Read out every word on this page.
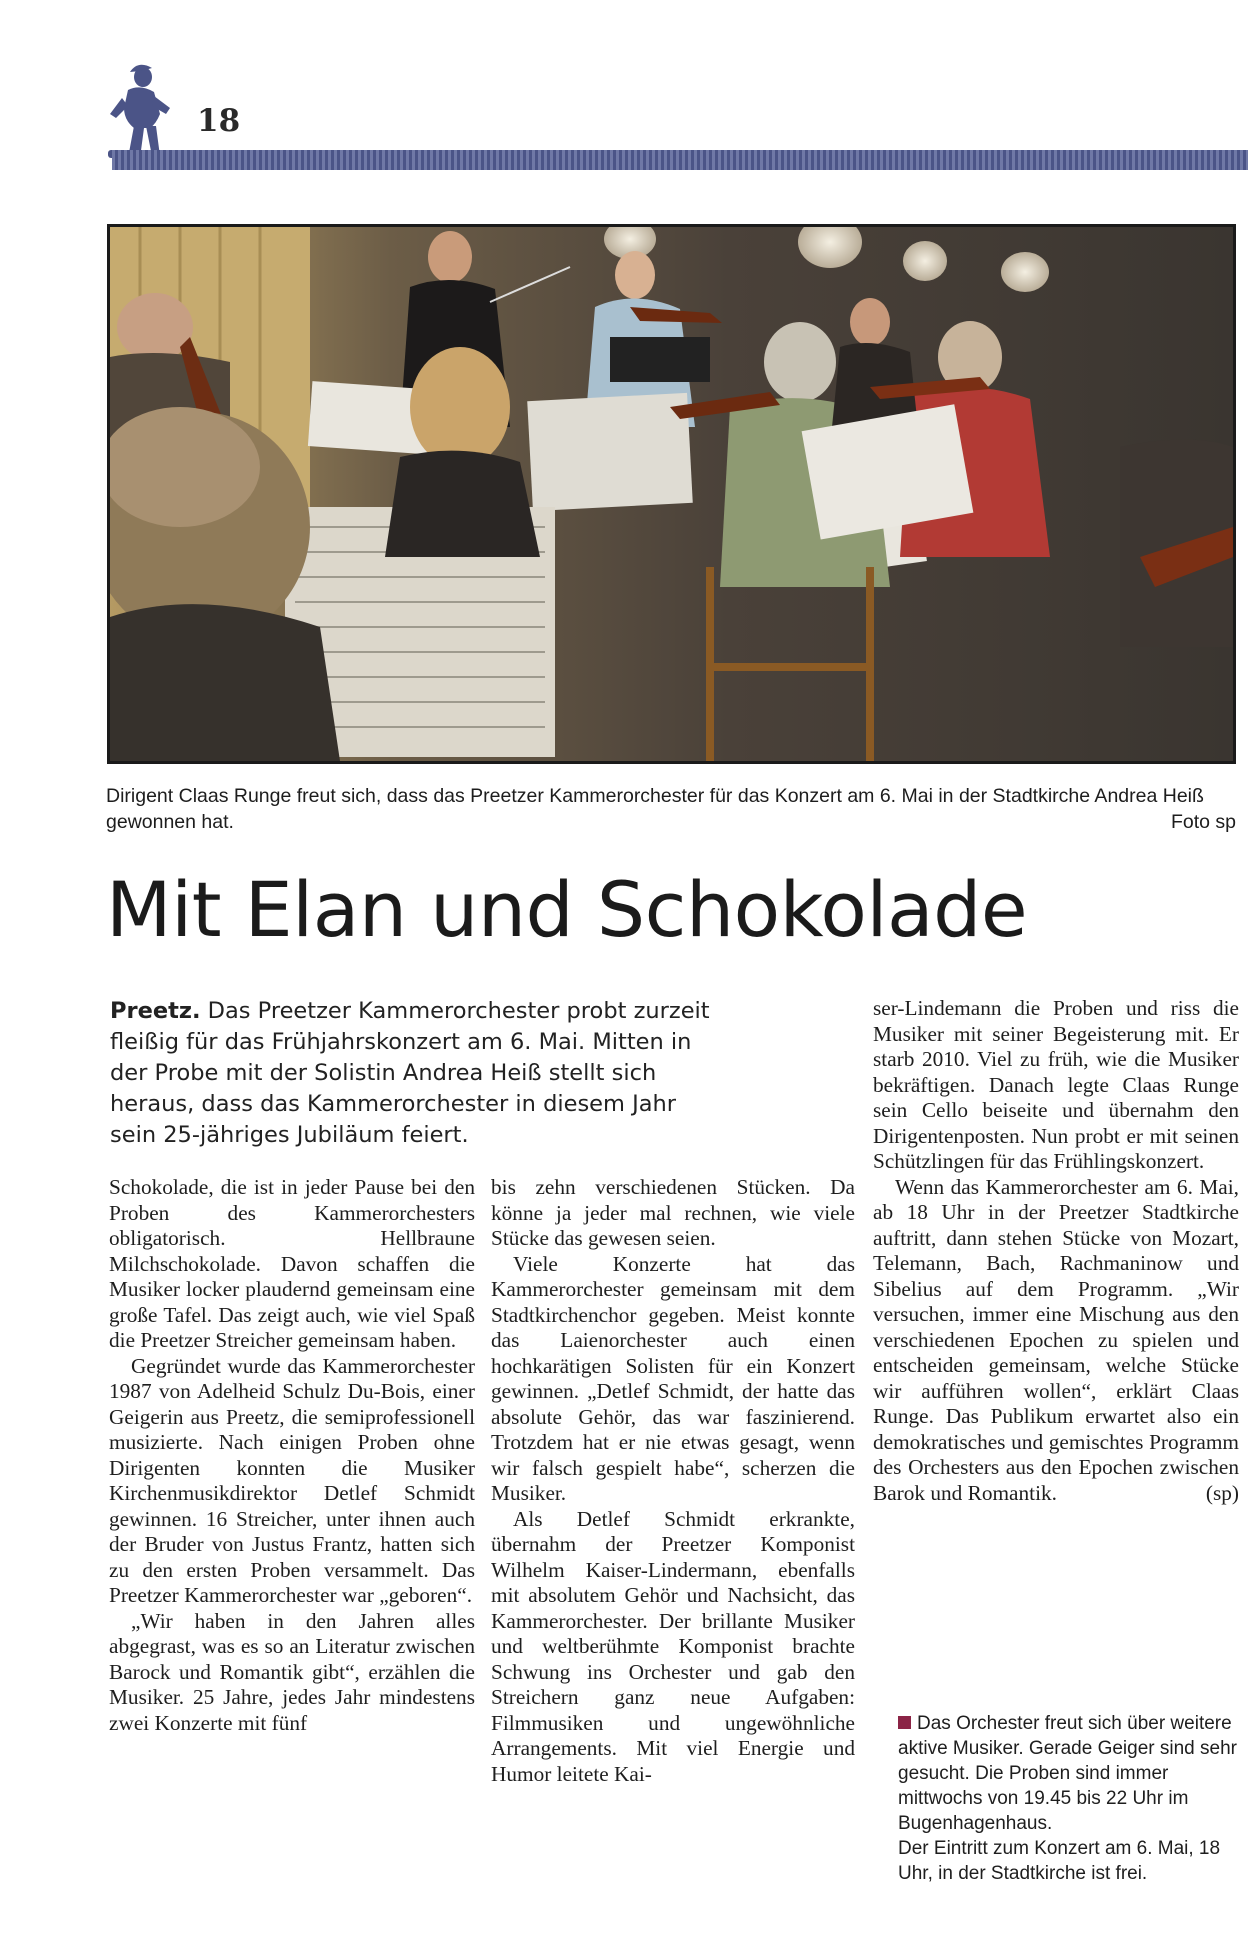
18
Dirigent Claas Runge freut sich, dass das Preetzer Kammerorchester für das Konzert am 6. Mai in der Stadtkirche Andrea Heiß gewonnen hat.	Foto sp
Mit Elan und Schokolade
Preetz. Das Preetzer Kammerorchester probt zurzeit fleißig für das Frühjahrskonzert am 6. Mai. Mitten in der Probe mit der Solistin Andrea Heiß stellt sich heraus, dass das Kammerorchester in diesem Jahr sein 25-jähriges Jubiläum feiert.

Schokolade, die ist in jeder Pause bei den Proben des Kammerorchesters obligatorisch. Hellbraune Milchschokolade. Davon schaffen die Musiker locker plaudernd gemeinsam eine große Tafel. Das zeigt auch, wie viel Spaß die Preetzer Streicher gemeinsam haben.

Gegründet wurde das Kammerorchester 1987 von Adelheid Schulz Du-Bois, einer Geigerin aus Preetz, die semiprofessionell musizierte. Nach einigen Proben ohne Dirigenten konnten die Musiker Kirchenmusikdirektor Detlef Schmidt gewinnen. 16 Streicher, unter ihnen auch der Bruder von Justus Frantz, hatten sich zu den ersten Proben versammelt. Das Preetzer Kammerorchester war „geboren“.

„Wir haben in den Jahren alles abgegrast, was es so an Literatur zwischen Barock und Romantik gibt“, erzählen die Musiker. 25 Jahre, jedes Jahr mindestens zwei Konzerte mit fünf

bis zehn verschiedenen Stücken. Da könne ja jeder mal rechnen, wie viele Stücke das gewesen seien.

Viele Konzerte hat das Kammerorchester gemeinsam mit dem Stadtkirchenchor gegeben. Meist konnte das Laienorchester auch einen hochkarätigen Solisten für ein Konzert gewinnen. „Detlef Schmidt, der hatte das absolute Gehör, das war faszinierend. Trotzdem hat er nie etwas gesagt, wenn wir falsch gespielt habe“, scherzen die Musiker.

Als Detlef Schmidt erkrankte, übernahm der Preetzer Komponist Wilhelm Kaiser-Lindermann, ebenfalls mit absolutem Gehör und Nachsicht, das Kammerorchester. Der brillante Musiker und weltberühmte Komponist brachte Schwung ins Orchester und gab den Streichern ganz neue Aufgaben: Filmmusiken und ungewöhnliche Arrangements. Mit viel Energie und Humor leitete Kai-

ser-Lindemann die Proben und riss die Musiker mit seiner Begeisterung mit. Er starb 2010. Viel zu früh, wie die Musiker bekräftigen. Danach legte Claas Runge sein Cello beiseite und übernahm den Dirigentenposten. Nun probt er mit seinen Schützlingen für das Frühlingskonzert.

Wenn das Kammerorchester am 6. Mai, ab 18 Uhr in der Preetzer Stadtkirche auftritt, dann stehen Stücke von Mozart, Telemann, Bach, Rachmaninow und Sibelius auf dem Programm. „Wir versuchen, immer eine Mischung aus den verschiedenen Epochen zu spielen und entscheiden gemeinsam, welche Stücke wir aufführen wollen“, erklärt Claas Runge. Das Publikum erwartet also ein demokratisches und gemischtes Programm des Orchesters aus den Epochen zwischen Barok und Romantik.	(sp)

Das Orchester freut sich über weitere aktive Musiker. Gerade Geiger sind sehr gesucht. Die Proben sind immer mittwochs von 19.45 bis 22 Uhr im Bugenhagenhaus.

Der Eintritt zum Konzert am 6. Mai, 18 Uhr, in der Stadtkirche ist frei.
